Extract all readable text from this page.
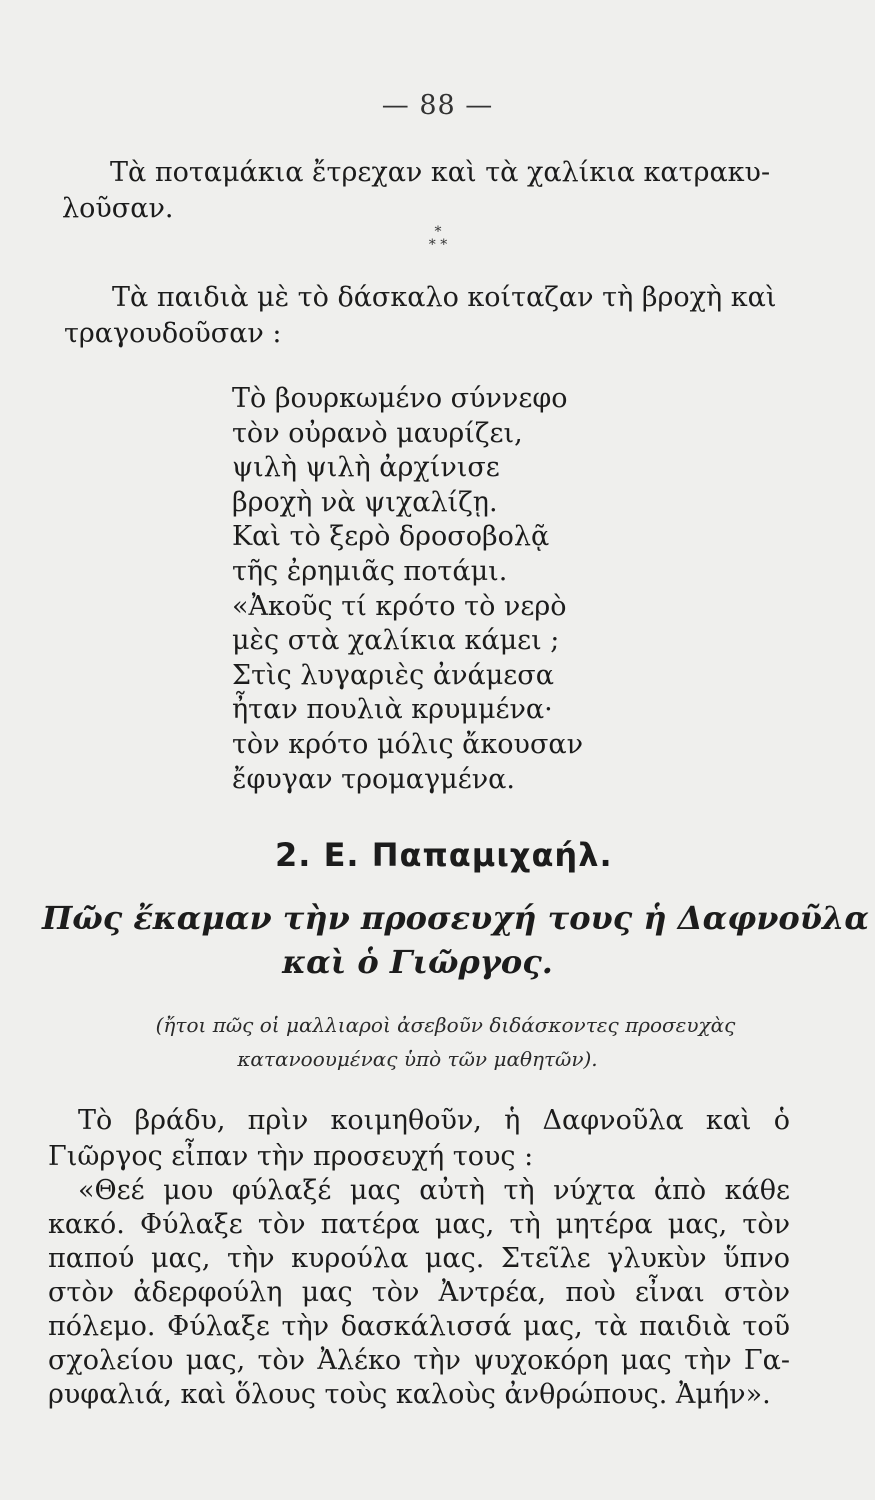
— 88 —
Τὰ ποταμάκια ἔτρεχαν καὶ τὰ χαλίκια κατρακυ-
λοῦσαν.
*
* *
Τὰ παιδιὰ μὲ τὸ δάσκαλο κοίταζαν τὴ βροχὴ καὶ
τραγουδοῦσαν :
Τὸ βουρκωμένο σύννεφο
τὸν οὐρανὸ μαυρίζει,
ψιλὴ ψιλὴ ἀρχίνισε
βροχὴ νὰ ψιχαλίζῃ.
Καὶ τὸ ξερὸ δροσοβολᾷ
τῆς ἐρημιᾶς ποτάμι.
«Ἀκοῦς τί κρότο τὸ νερὸ
μὲς στὰ χαλίκια κάμει ;
Στὶς λυγαριὲς ἀνάμεσα
ἦταν πουλιὰ κρυμμένα·
τὸν κρότο μόλις ἄκουσαν
ἔφυγαν τρομαγμένα.
2. Ε. Παπαμιχαήλ.
Πῶς ἔκαμαν τὴν προσευχή τους ἡ Δαφνοῦλα
καὶ ὁ Γιῶργος.
(ἤτοι πῶς οἱ μαλλιαροὶ ἀσεβοῦν διδάσκοντες προσευχὰς
κατανοουμένας ὑπὸ τῶν μαθητῶν).
Τὸ βράδυ, πρὶν κοιμηθοῦν, ἡ Δαφνοῦλα καὶ ὁ
Γιῶργος εἶπαν τὴν προσευχή τους :
«Θεέ μου φύλαξέ μας αὐτὴ τὴ νύχτα ἀπὸ κάθε
κακό. Φύλαξε τὸν πατέρα μας, τὴ μητέρα μας, τὸν
παπού μας, τὴν κυρούλα μας. Στεῖλε γλυκὺν ὕπνο
στὸν ἀδερφούλη μας τὸν Ἀντρέα, ποὺ εἶναι στὸν
πόλεμο. Φύλαξε τὴν δασκάλισσά μας, τὰ παιδιὰ τοῦ
σχολείου μας, τὸν Ἀλέκο τὴν ψυχοκόρη μας τὴν Γα-
ρυφαλιά, καὶ ὅλους τοὺς καλοὺς ἀνθρώπους. Ἀμήν».
